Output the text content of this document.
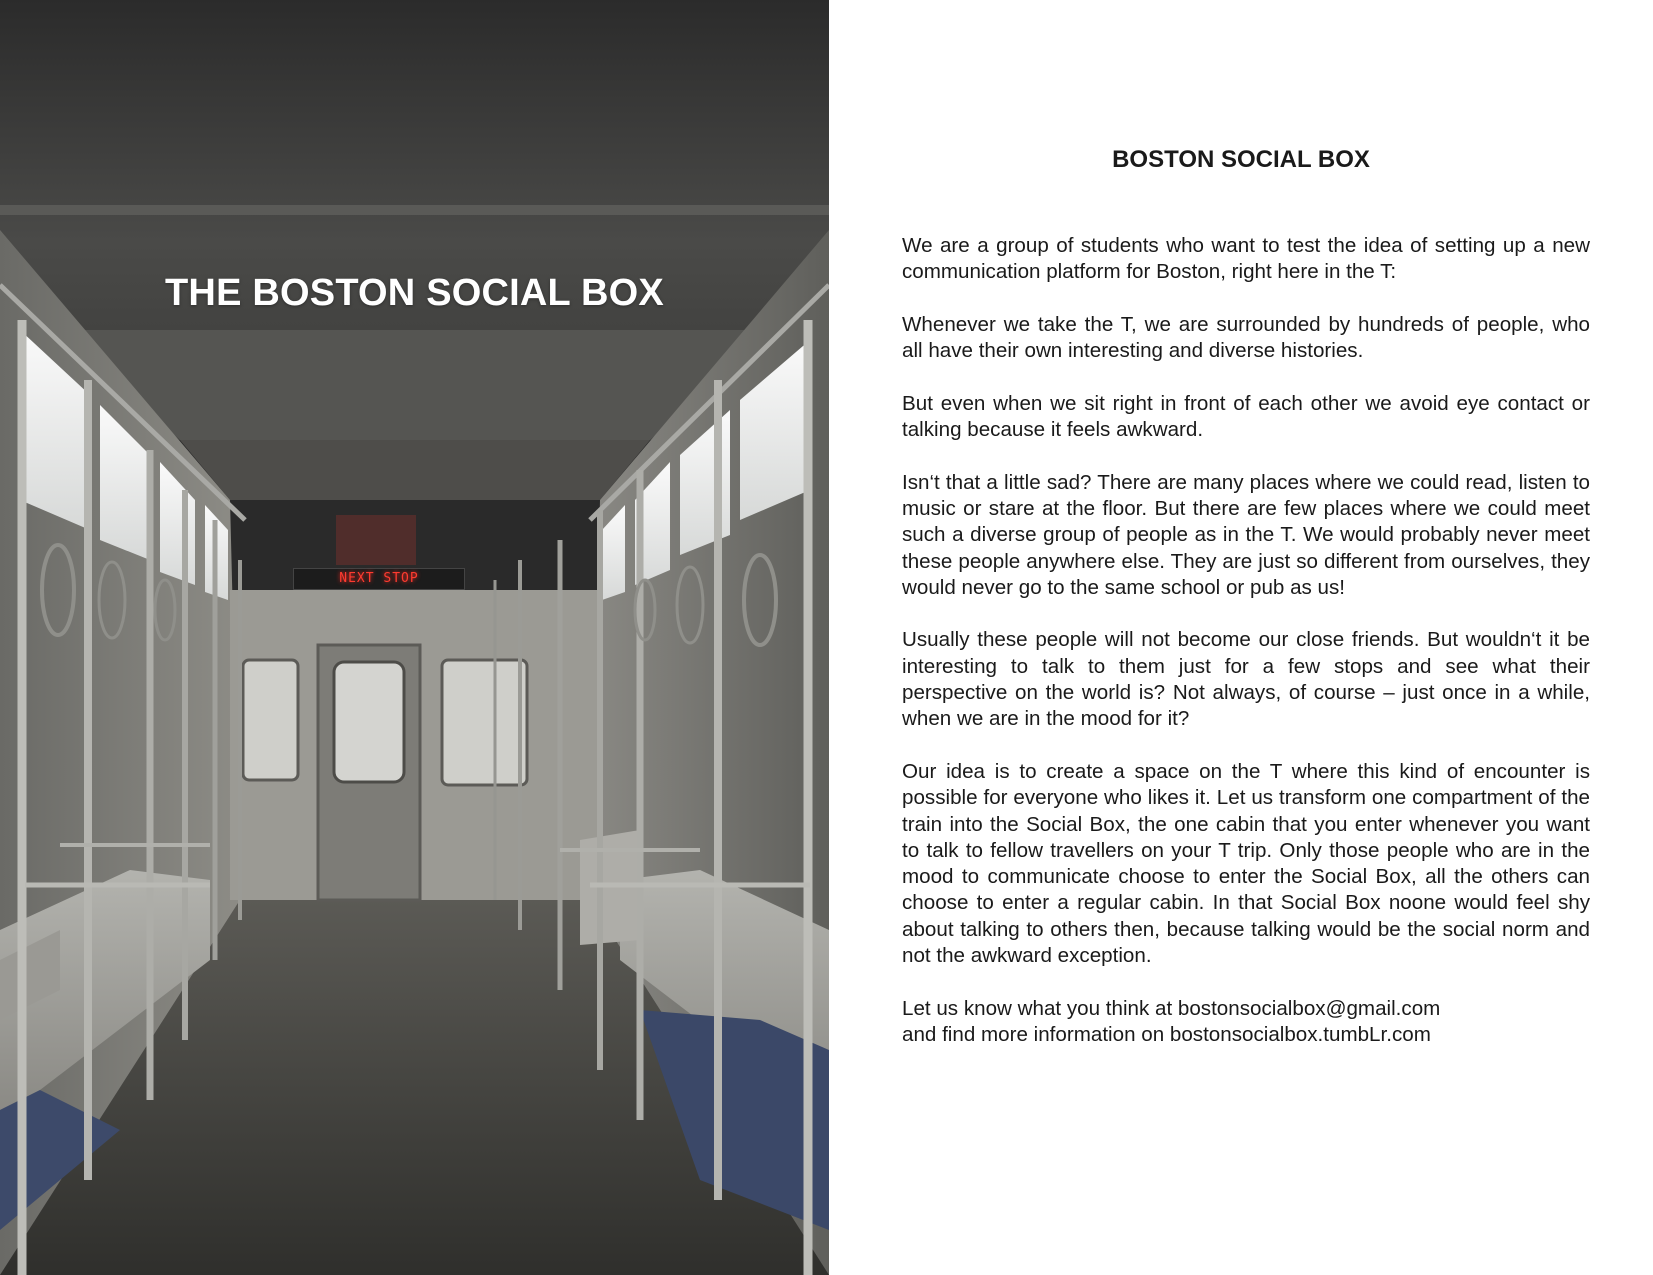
NEXT STOP
THE BOSTON SOCIAL BOX
BOSTON SOCIAL BOX

We are a group of students who want to test the idea of setting up a new communication platform for Boston, right here in the T:

Whenever we take the T, we are surrounded by hundreds of people, who all have their own interesting and diverse histories.

But even when we sit right in front of each other we avoid eye contact or talking because it feels awkward.

Isn‘t that a little sad? There are many places where we could read, listen to music or stare at the floor. But there are few places where we could meet such a diverse group of people as in the T. We would probably never meet these people anywhere else. They are just so different from ourselves, they would never go to the same school or pub as us!

Usually these people will not become our close friends. But wouldn‘t it be interesting to talk to them just for a few stops and see what their perspective on the world is? Not always, of course – just once in a while, when we are in the mood for it?

Our idea is to create a space on the T where this kind of encounter is possible for everyone who likes it. Let us transform one compartment of the train into the Social Box, the one cabin that you enter whenever you want to talk to fellow travellers on your T trip. Only those people who are in the mood to communicate choose to enter the Social Box, all the others can choose to enter a regular cabin. In that Social Box noone would feel shy about talking to others then, because talking would be the social norm and not the awkward exception.

Let us know what you think at bostonsocialbox@gmail.com
and find more information on bostonsocialbox.tumbLr.com
